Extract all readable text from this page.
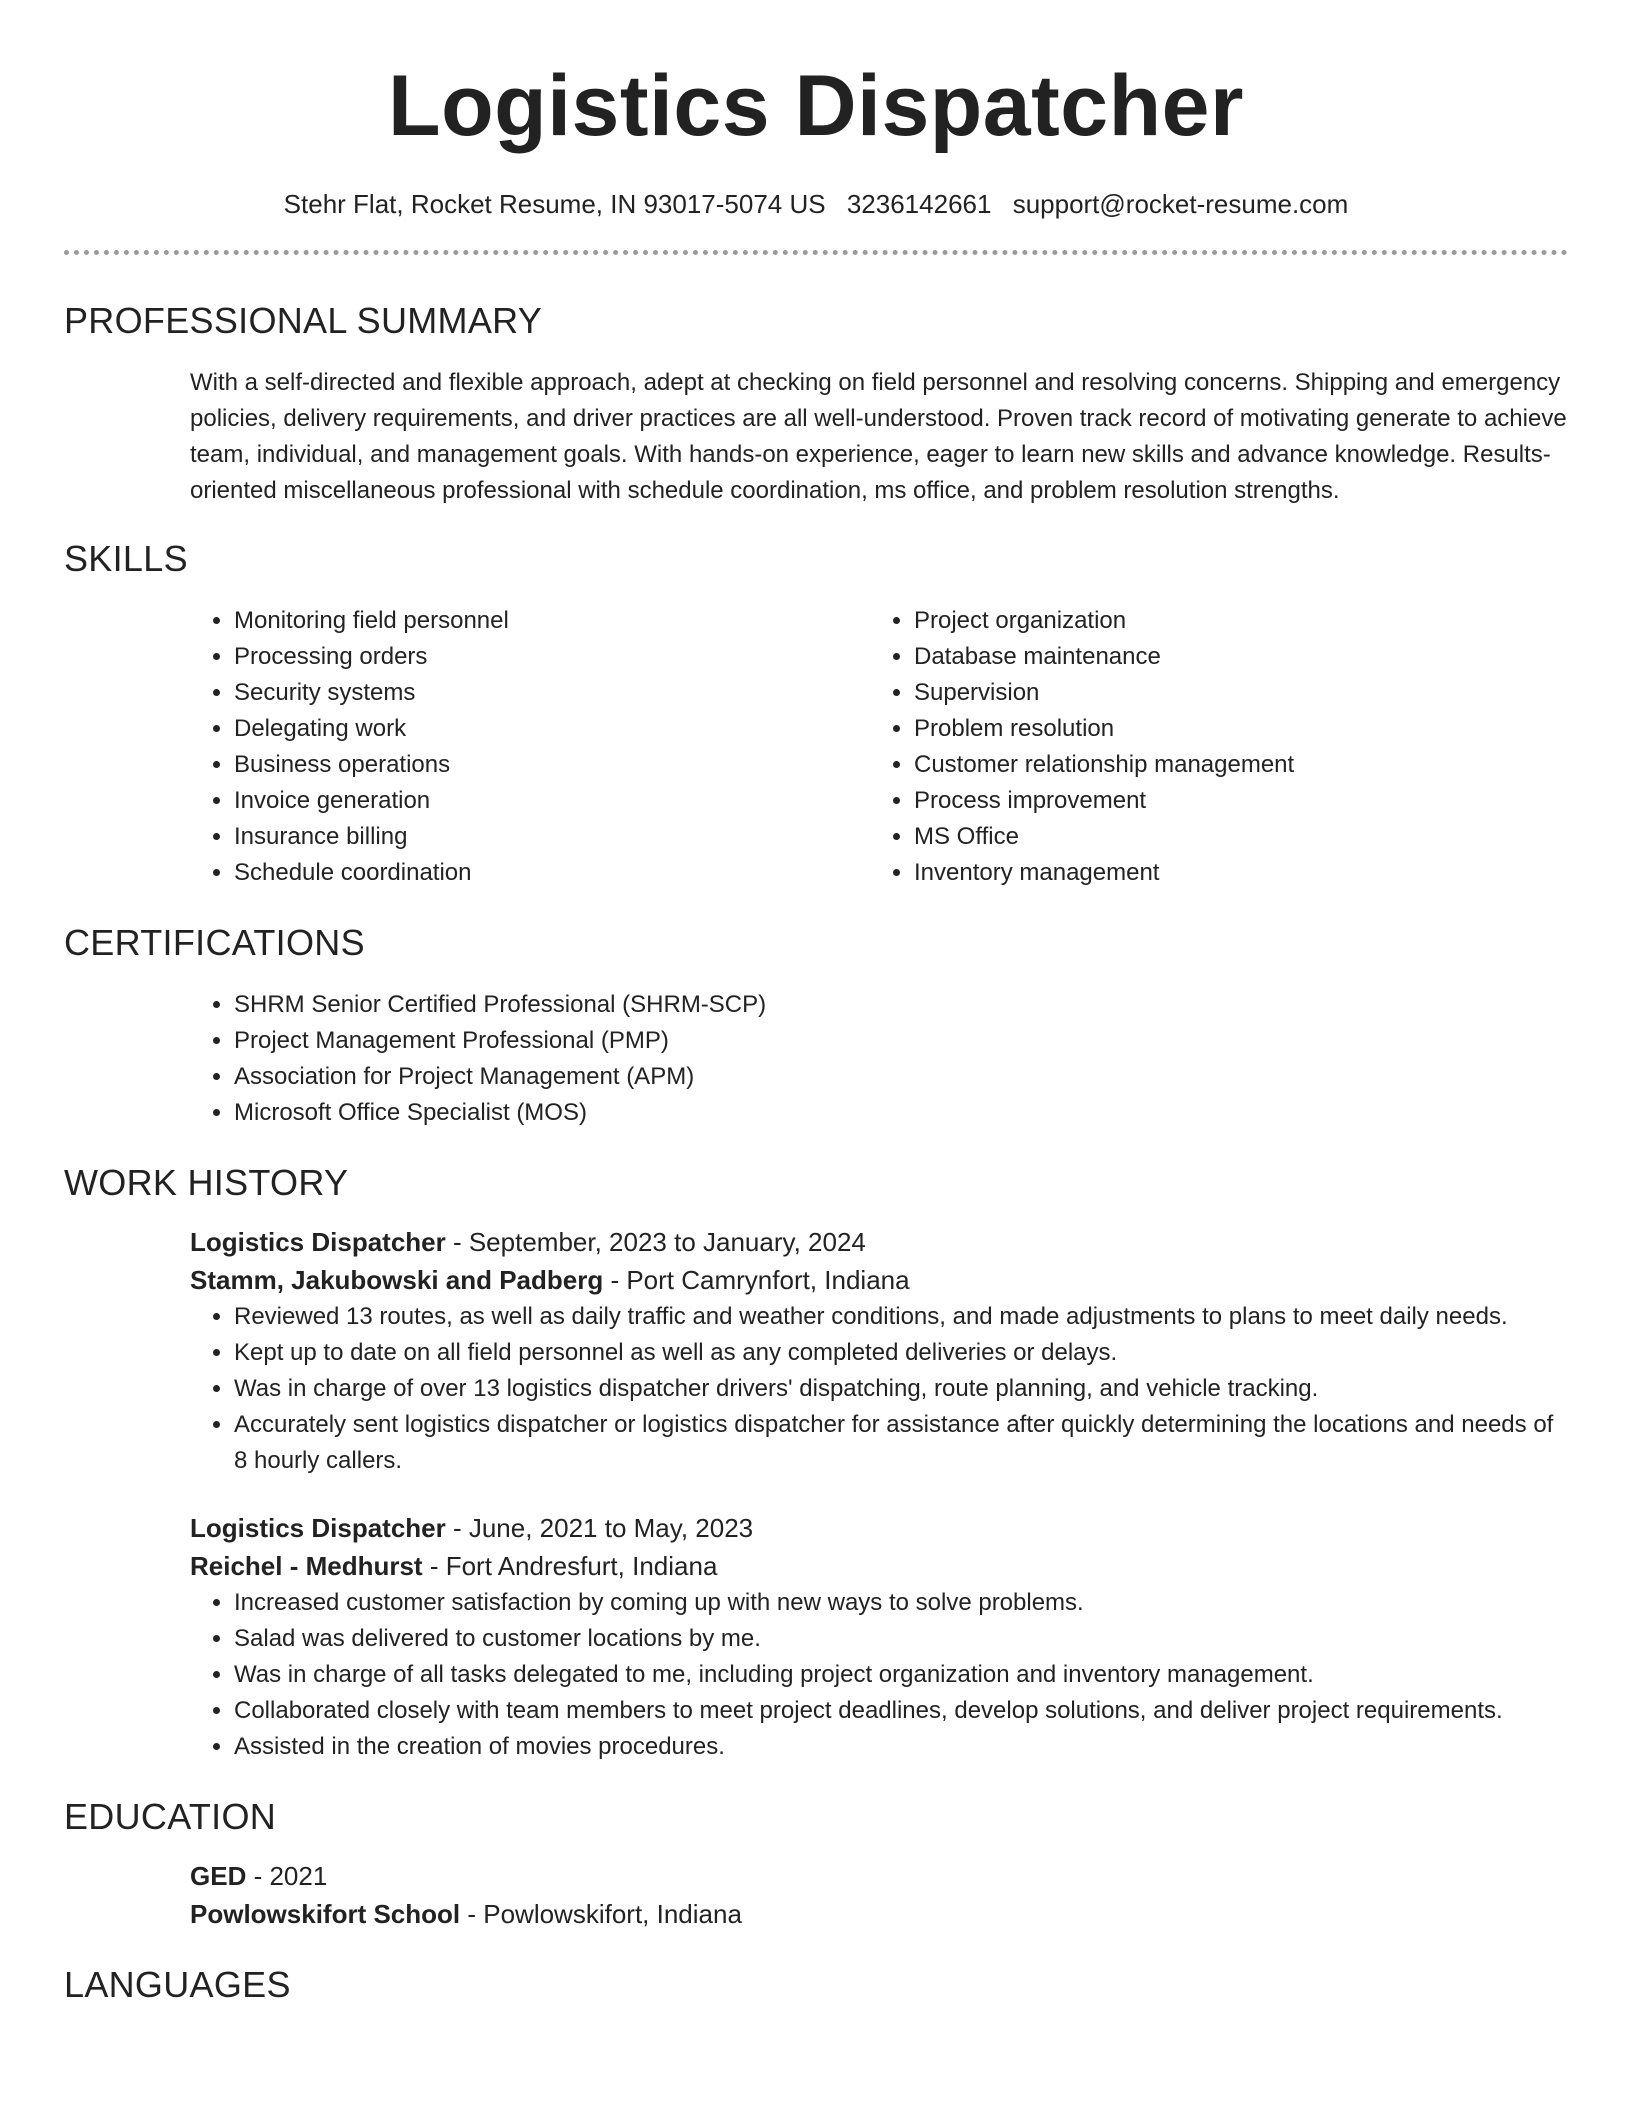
Logistics Dispatcher
Stehr Flat, Rocket Resume, IN 93017-5074 US 3236142661 support@rocket-resume.com
PROFESSIONAL SUMMARY

With a self-directed and flexible approach, adept at checking on field personnel and resolving concerns. Shipping and emergency policies, delivery requirements, and driver practices are all well-understood. Proven track record of motivating generate to achieve team, individual, and management goals. With hands-on experience, eager to learn new skills and advance knowledge. Results-oriented miscellaneous professional with schedule coordination, ms office, and problem resolution strengths.

SKILLS
• Monitoring field personnel
• Processing orders
• Security systems
• Delegating work
• Business operations
• Invoice generation
• Insurance billing
• Schedule coordination
• Project organization
• Database maintenance
• Supervision
• Problem resolution
• Customer relationship management
• Process improvement
• MS Office
• Inventory management
CERTIFICATIONS
• SHRM Senior Certified Professional (SHRM-SCP)
• Project Management Professional (PMP)
• Association for Project Management (APM)
• Microsoft Office Specialist (MOS)
WORK HISTORY

Logistics Dispatcher - September, 2023 to January, 2024

Stamm, Jakubowski and Padberg - Port Camrynfort, Indiana

• Reviewed 13 routes, as well as daily traffic and weather conditions, and made adjustments to plans to meet daily needs.
• Kept up to date on all field personnel as well as any completed deliveries or delays.
• Was in charge of over 13 logistics dispatcher drivers' dispatching, route planning, and vehicle tracking.
• Accurately sent logistics dispatcher or logistics dispatcher for assistance after quickly determining the locations and needs of 8 hourly callers.

Logistics Dispatcher - June, 2021 to May, 2023

Reichel - Medhurst - Fort Andresfurt, Indiana

• Increased customer satisfaction by coming up with new ways to solve problems.
• Salad was delivered to customer locations by me.
• Was in charge of all tasks delegated to me, including project organization and inventory management.
• Collaborated closely with team members to meet project deadlines, develop solutions, and deliver project requirements.
• Assisted in the creation of movies procedures.
EDUCATION

GED - 2021

Powlowskifort School - Powlowskifort, Indiana

LANGUAGES
